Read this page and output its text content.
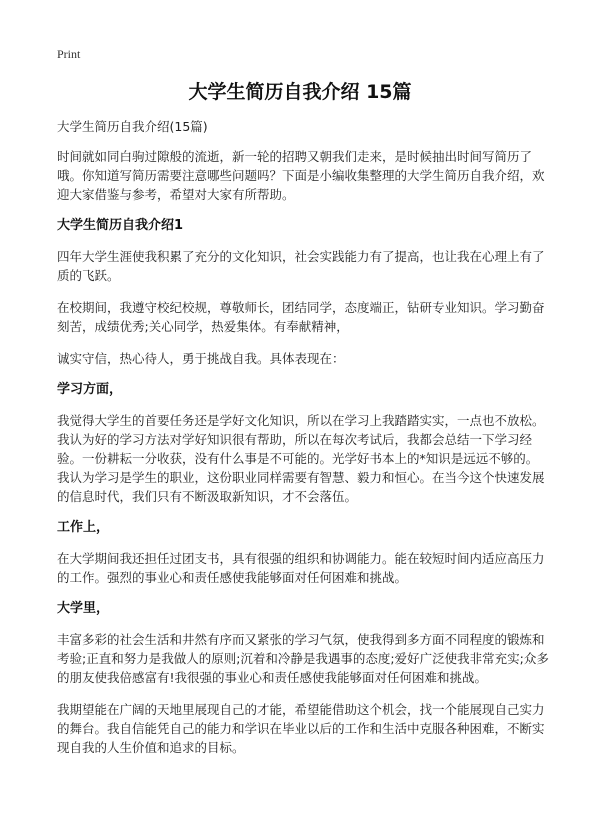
Print
大学生简历自我介绍 15篇
大学生简历自我介绍(15篇)
时间就如同白驹过隙般的流逝，新一轮的招聘又朝我们走来，是时候抽出时间写简历了哦。你知道写简历需要注意哪些问题吗？下面是小编收集整理的大学生简历自我介绍，欢迎大家借鉴与参考，希望对大家有所帮助。
大学生简历自我介绍1
四年大学生涯使我积累了充分的文化知识，社会实践能力有了提高，也让我在心理上有了质的飞跃。
在校期间，我遵守校纪校规，尊敬师长，团结同学，态度端正，钻研专业知识。学习勤奋刻苦，成绩优秀;关心同学，热爱集体。有奉献精神，
诚实守信，热心待人，勇于挑战自我。具体表现在：
学习方面，
我觉得大学生的首要任务还是学好文化知识，所以在学习上我踏踏实实，一点也不放松。我认为好的学习方法对学好知识很有帮助，所以在每次考试后，我都会总结一下学习经验。一份耕耘一分收获，没有什么事是不可能的。光学好书本上的*知识是远远不够的。我认为学习是学生的职业，这份职业同样需要有智慧、毅力和恒心。在当今这个快速发展的信息时代，我们只有不断汲取新知识，才不会落伍。
工作上，
在大学期间我还担任过团支书，具有很强的组织和协调能力。能在较短时间内适应高压力的工作。强烈的事业心和责任感使我能够面对任何困难和挑战。
大学里，
丰富多彩的社会生活和井然有序而又紧张的学习气氛，使我得到多方面不同程度的锻炼和考验;正直和努力是我做人的原则;沉着和冷静是我遇事的态度;爱好广泛使我非常充实;众多的朋友使我倍感富有!我很强的事业心和责任感使我能够面对任何困难和挑战。
我期望能在广阔的天地里展现自己的才能，希望能借助这个机会，找一个能展现自己实力的舞台。我自信能凭自己的能力和学识在毕业以后的工作和生活中克服各种困难，不断实现自我的人生价值和追求的目标。
